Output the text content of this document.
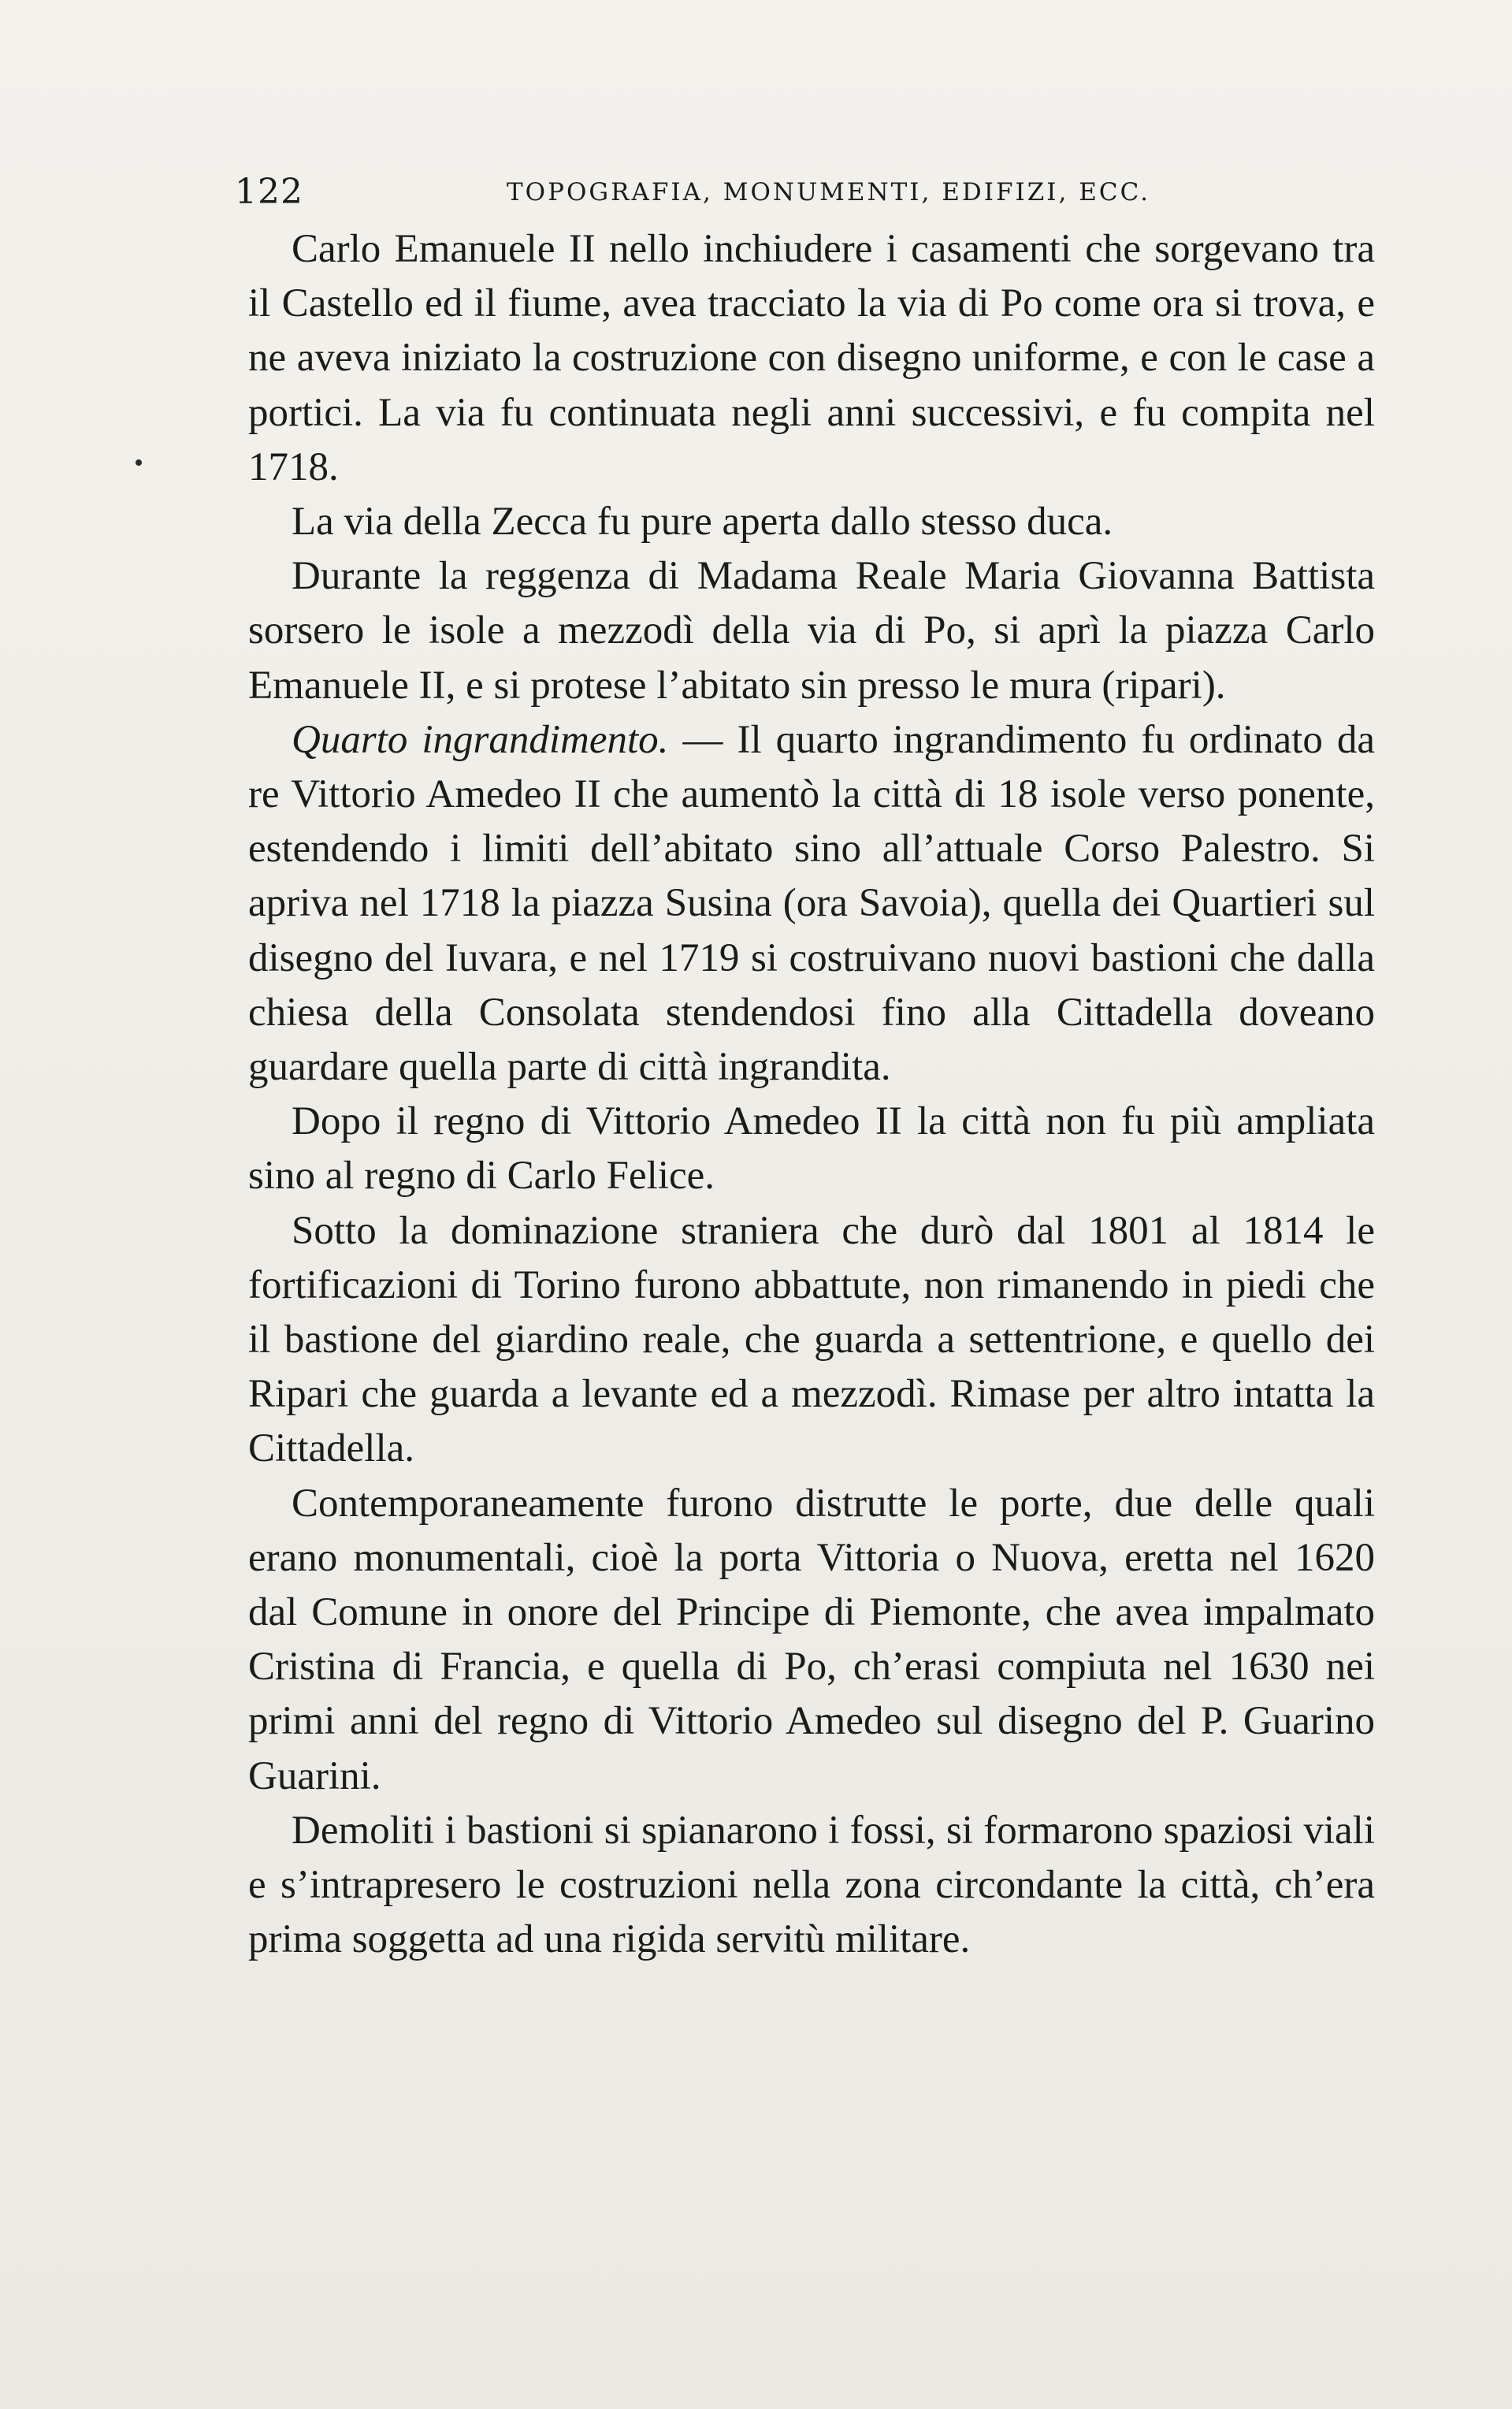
122	TOPOGRAFIA, MONUMENTI, EDIFIZI, ECC.

Carlo Emanuele II nello inchiudere i casamenti che sorgevano tra il Castello ed il fiume, avea tracciato la via di Po come ora si trova, e ne aveva iniziato la costruzione con disegno uniforme, e con le case a portici. La via fu continuata negli anni successivi, e fu compita nel 1718.

La via della Zecca fu pure aperta dallo stesso duca.

Durante la reggenza di Madama Reale Maria Giovanna Battista sorsero le isole a mezzodì della via di Po, si aprì la piazza Carlo Emanuele II, e si protese l’abitato sin presso le mura (ripari).

Quarto ingrandimento. — Il quarto ingrandimento fu ordinato da re Vittorio Amedeo II che aumentò la città di 18 isole verso ponente, estendendo i limiti dell’abitato sino all’attuale Corso Palestro. Si apriva nel 1718 la piazza Susina (ora Savoia), quella dei Quartieri sul disegno del Iuvara, e nel 1719 si costruivano nuovi bastioni che dalla chiesa della Consolata stendendosi fino alla Cittadella doveano guardare quella parte di città ingrandita.

Dopo il regno di Vittorio Amedeo II la città non fu più ampliata sino al regno di Carlo Felice.

Sotto la dominazione straniera che durò dal 1801 al 1814 le fortificazioni di Torino furono abbattute, non rimanendo in piedi che il bastione del giardino reale, che guarda a settentrione, e quello dei Ripari che guarda a levante ed a mezzodì. Rimase per altro intatta la Cittadella.

Contemporaneamente furono distrutte le porte, due delle quali erano monumentali, cioè la porta Vittoria o Nuova, eretta nel 1620 dal Comune in onore del Principe di Piemonte, che avea impalmato Cristina di Francia, e quella di Po, ch’erasi compiuta nel 1630 nei primi anni del regno di Vittorio Amedeo sul disegno del P. Guarino Guarini.

Demoliti i bastioni si spianarono i fossi, si formarono spaziosi viali e s’intrapresero le costruzioni nella zona circondante la città, ch’era prima soggetta ad una rigida servitù militare.
